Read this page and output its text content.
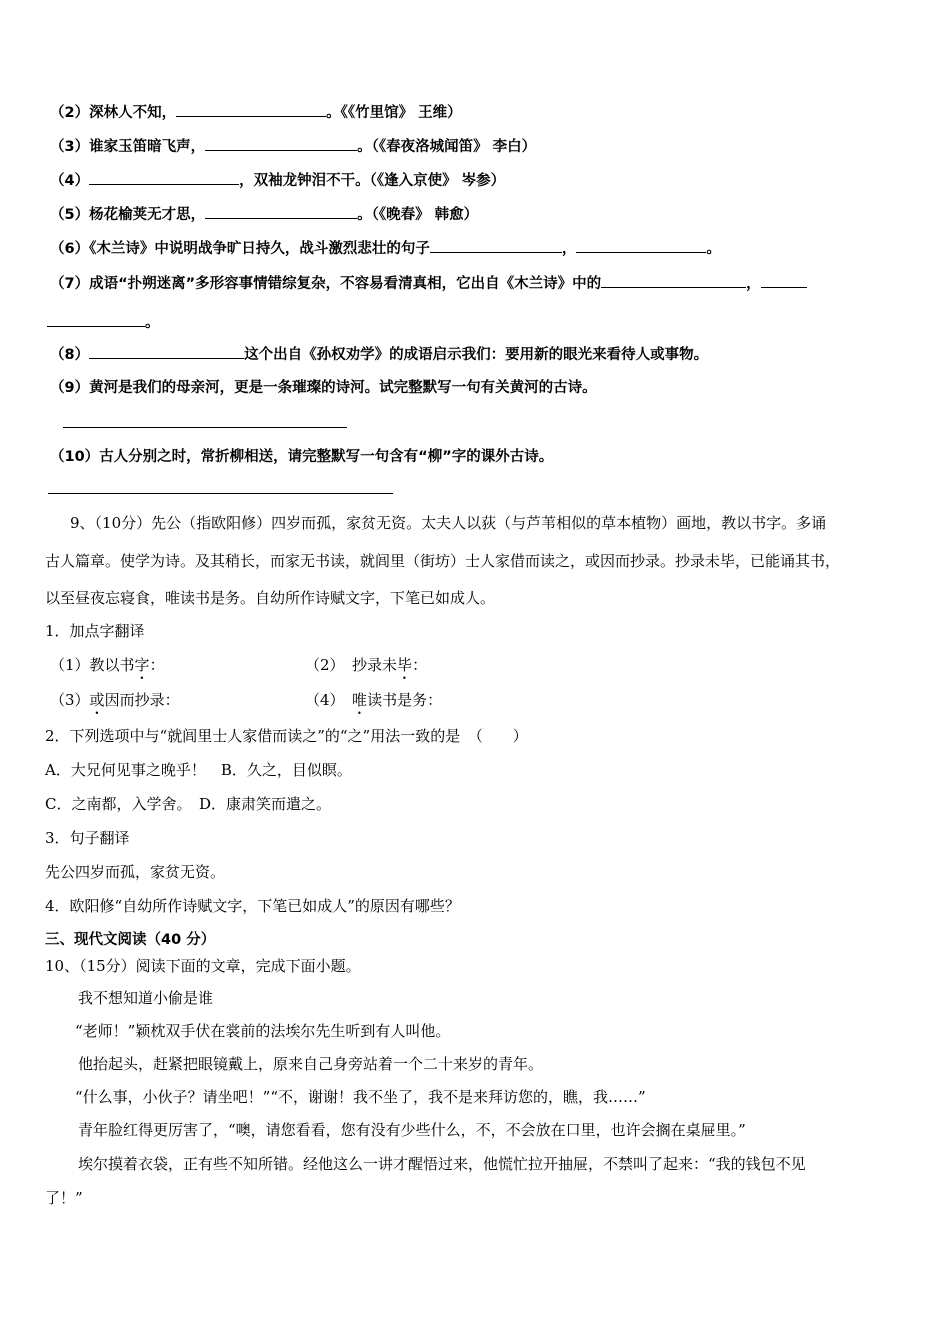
（2）深林人不知，	。《《竹里馆》 王维）
（3）谁家玉笛暗飞声，	。（《春夜洛城闻笛》 李白）
（4）	，双袖龙钟泪不干。（《逢入京使》 岑参）
（5）杨花榆荚无才思，	。（《晚春》 韩愈）
（6）《木兰诗》中说明战争旷日持久，战斗激烈悲壮的句子	，	。
（7）成语“扑朔迷离”多形容事情错综复杂，不容易看清真相，它出自《木兰诗》中的	，
。
（8）	这个出自《孙权劝学》的成语启示我们：要用新的眼光来看待人或事物。
（9）黄河是我们的母亲河，更是一条璀璨的诗河。试完整默写一句有关黄河的古诗。
（10）古人分别之时，常折柳相送，请完整默写一句含有“柳”字的课外古诗。
9、（10分）先公（指欧阳修）四岁而孤，家贫无资。太夫人以荻（与芦苇相似的草本植物）画地，教以书字。多诵
古人篇章。使学为诗。及其稍长，而家无书读，就闾里（街坊）士人家借而读之，或因而抄录。抄录未毕，已能诵其书，
以至昼夜忘寝食，唯读书是务。自幼所作诗赋文字，下笔已如成人。
1．加点字翻译
（1）教以书字：	（2）　抄录未毕：
（3）或因而抄录：	（4）　唯读书是务：
2．下列选项中与“就闾里士人家借而读之”的“之”用法一致的是　（　　）
A．大兄何见事之晚乎！　B．久之，目似瞑。
C．之南都，入学舍。　D．康肃笑而遣之。
3．句子翻译
先公四岁而孤，家贫无资。
4．欧阳修“自幼所作诗赋文字，下笔已如成人”的原因有哪些？
三、现代文阅读（40 分）
10、（15分）阅读下面的文章，完成下面小题。
我不想知道小偷是谁
“老师！”颖枕双手伏在裳前的法埃尔先生听到有人叫他。
他抬起头，赶紧把眼镜戴上，原来自己身旁站着一个二十来岁的青年。
“什么事，小伙子？请坐吧！”“不，谢谢！我不坐了，我不是来拜访您的，瞧，我……”
青年脸红得更厉害了，“噢，请您看看，您有没有少些什么，不，不会放在口里，也许会搁在桌屉里。”
埃尔摸着衣袋，正有些不知所错。经他这么一讲才醒悟过来，他慌忙拉开抽屉，不禁叫了起来：“我的钱包不见
了！”
